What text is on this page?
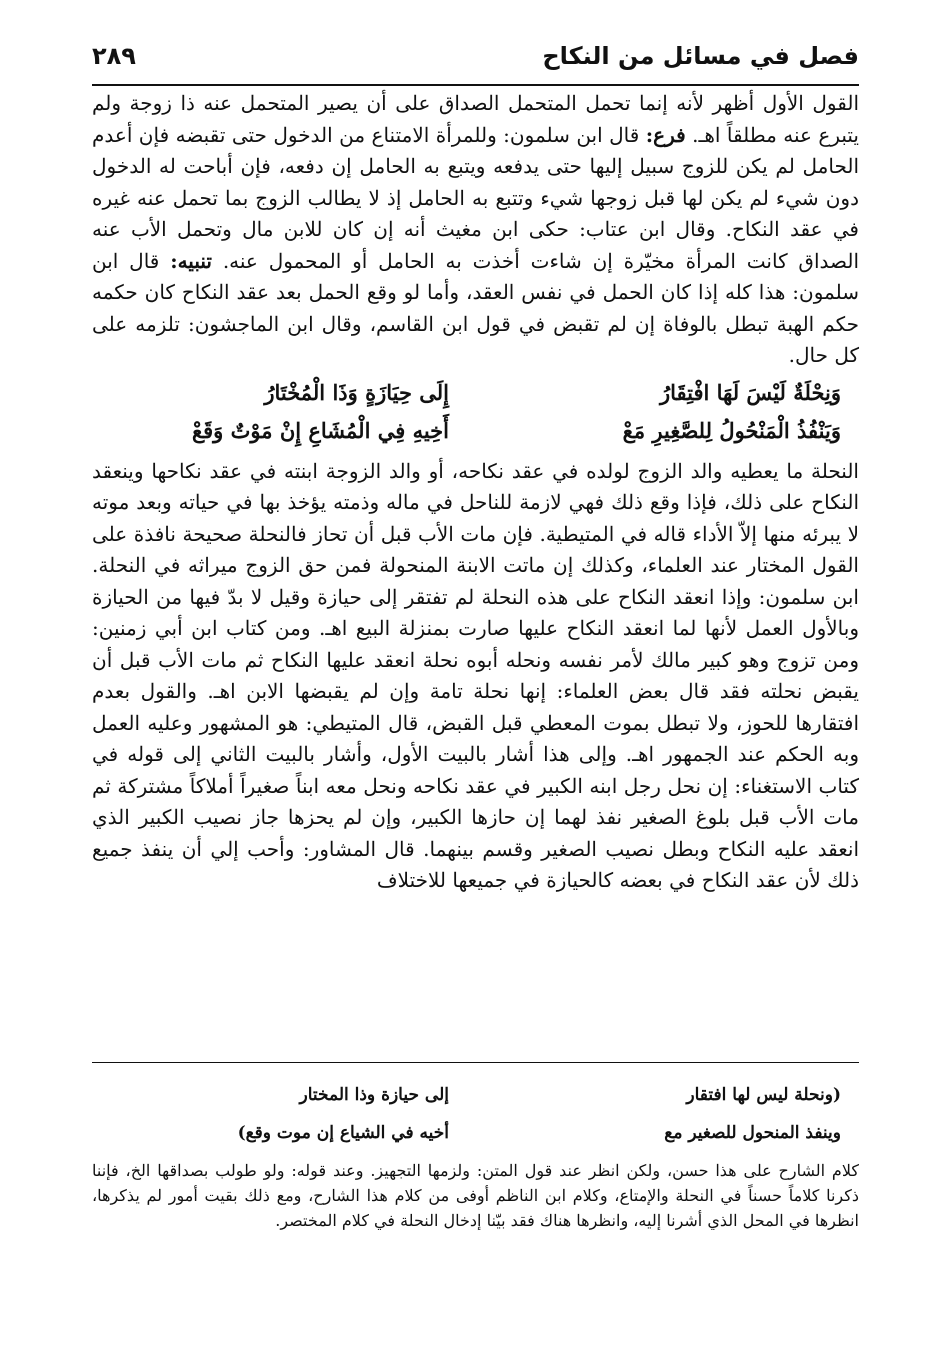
فصل في مسائل من النكاح
٢٨٩

القول الأول أظهر لأنه إنما تحمل المتحمل الصداق على أن يصير المتحمل عنه ذا زوجة ولم يتبرع عنه مطلقاً اهـ. فرع: قال ابن سلمون: وللمرأة الامتناع من الدخول حتى تقبضه فإن أعدم الحامل لم يكن للزوج سبيل إليها حتى يدفعه ويتبع به الحامل إن دفعه، فإن أباحت له الدخول دون شيء لم يكن لها قبل زوجها شيء وتتبع به الحامل إذ لا يطالب الزوج بما تحمل عنه غيره في عقد النكاح. وقال ابن عتاب: حكى ابن مغيث أنه إن كان للابن مال وتحمل الأب عنه الصداق كانت المرأة مخيّرة إن شاءت أخذت به الحامل أو المحمول عنه. تنبيه: قال ابن سلمون: هذا كله إذا كان الحمل في نفس العقد، وأما لو وقع الحمل بعد عقد النكاح كان حكمه حكم الهبة تبطل بالوفاة إن لم تقبض في قول ابن القاسم، وقال ابن الماجشون: تلزمه على كل حال.

وَنِحْلَةٌ لَيْسَ لَهَا افْتِقَارُ
إِلَى حِيَازَةٍ وَذَا الْمُخْتَارُ
وَيَنْفُذُ الْمَنْحُولُ لِلصَّغِيرِ مَعْ
أَخِيهِ فِي الْمُشَاعِ إِنْ مَوْتٌ وَقَعْ

النحلة ما يعطيه والد الزوج لولده في عقد نكاحه، أو والد الزوجة ابنته في عقد نكاحها وينعقد النكاح على ذلك، فإذا وقع ذلك فهي لازمة للناحل في ماله وذمته يؤخذ بها في حياته وبعد موته لا يبرئه منها إلاّ الأداء قاله في المتيطية. فإن مات الأب قبل أن تحاز فالنحلة صحيحة نافذة على القول المختار عند العلماء، وكذلك إن ماتت الابنة المنحولة فمن حق الزوج ميراثه في النحلة. ابن سلمون: وإذا انعقد النكاح على هذه النحلة لم تفتقر إلى حيازة وقيل لا بدّ فيها من الحيازة وبالأول العمل لأنها لما انعقد النكاح عليها صارت بمنزلة البيع اهـ. ومن كتاب ابن أبي زمنين: ومن تزوج وهو كبير مالك لأمر نفسه ونحله أبوه نحلة انعقد عليها النكاح ثم مات الأب قبل أن يقبض نحلته فقد قال بعض العلماء: إنها نحلة تامة وإن لم يقبضها الابن اهـ. والقول بعدم افتقارها للحوز، ولا تبطل بموت المعطي قبل القبض، قال المتيطي: هو المشهور وعليه العمل وبه الحكم عند الجمهور اهـ. وإلى هذا أشار بالبيت الأول، وأشار بالبيت الثاني إلى قوله في كتاب الاستغناء: إن نحل رجل ابنه الكبير في عقد نكاحه ونحل معه ابناً صغيراً أملاكاً مشتركة ثم مات الأب قبل بلوغ الصغير نفذ لهما إن حازها الكبير، وإن لم يحزها جاز نصيب الكبير الذي انعقد عليه النكاح وبطل نصيب الصغير وقسم بينهما. قال المشاور: وأحب إلي أن ينفذ جميع ذلك لأن عقد النكاح في بعضه كالحيازة في جميعها للاختلاف

(ونحلة ليس لها افتقار
إلى حيازة وذا المختار
وينفذ المنحول للصغير مع
أخيه في الشياع إن موت وقع)

كلام الشارح على هذا حسن، ولكن انظر عند قول المتن: ولزمها التجهيز. وعند قوله: ولو طولب بصداقها الخ، فإننا ذكرنا كلاماً حسناً في النحلة والإمتاع، وكلام ابن الناظم أوفى من كلام هذا الشارح، ومع ذلك بقيت أمور لم يذكرها، انظرها في المحل الذي أشرنا إليه، وانظرها هناك فقد بيّنا إدخال النحلة في كلام المختصر.
